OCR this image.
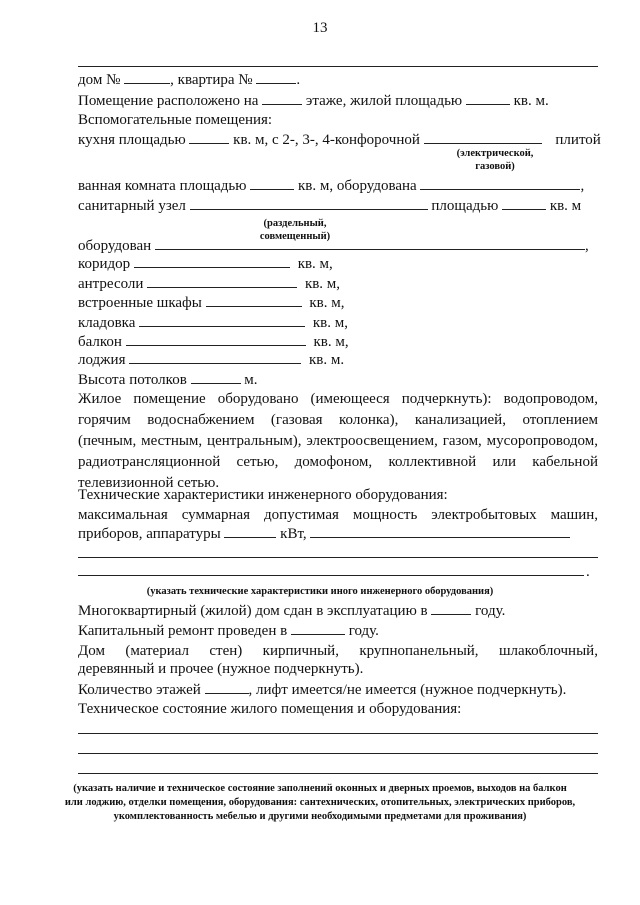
13
дом №	, квартира №	.
Помещение расположено на	этаже, жилой площадью	кв. м.
Вспомогательные помещения:
кухня площадью	кв. м, с 2-, 3-, 4-конфорочной	плитой
(электрической,
газовой)
ванная комната площадью	кв. м, оборудована	,
санитарный узел	площадью	кв. м
(раздельный, совмещенный)
оборудован	,
коридор	кв. м,
антресоли	кв. м,
встроенные шкафы	кв. м,
кладовка	кв. м,
балкон	кв. м,
лоджия	кв. м.
Высота потолков	м.
Жилое помещение оборудовано (имеющееся подчеркнуть): водопроводом,
горячим водоснабжением (газовая колонка), канализацией, отоплением
(печным, местным, центральным), электроосвещением, газом, мусоропроводом,
радиотрансляционной сетью, домофоном, коллективной или кабельной
телевизионной сетью.
Технические характеристики инженерного оборудования:
максимальная суммарная допустимая мощность электробытовых машин,
приборов, аппаратуры	кВт,
.
(указать технические характеристики иного инженерного оборудования)
Многоквартирный (жилой) дом сдан в эксплуатацию в	году.
Капитальный ремонт проведен в	году.
Дом (материал стен) кирпичный, крупнопанельный, шлакоблочный,
деревянный и прочее (нужное подчеркнуть).
Количество этажей	, лифт имеется/не имеется (нужное подчеркнуть).
Техническое состояние жилого помещения и оборудования:
(указать наличие и техническое состояние заполнений оконных и дверных проемов, выходов на балкон
или лоджию, отделки помещения, оборудования: сантехнических, отопительных, электрических приборов,
укомплектованность мебелью и другими необходимыми предметами для проживания)
